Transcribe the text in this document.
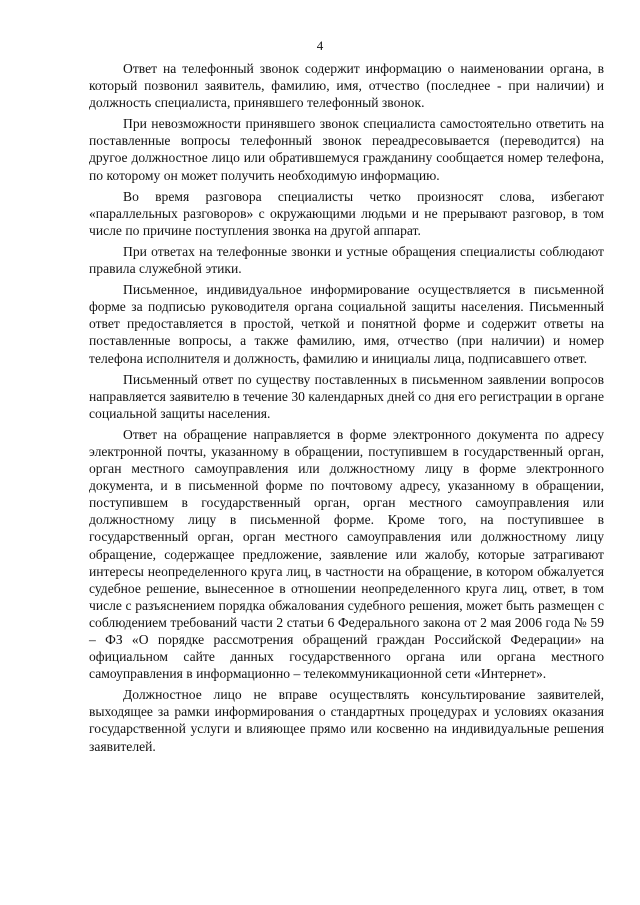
4

Ответ на телефонный звонок содержит информацию о наименовании органа, в который позвонил заявитель, фамилию, имя, отчество (последнее - при наличии) и должность специалиста, принявшего телефонный звонок.

При невозможности принявшего звонок специалиста самостоятельно ответить на поставленные вопросы телефонный звонок переадресовывается (переводится) на другое должностное лицо или обратившемуся гражданину сообщается номер телефона, по которому он может получить необходимую информацию.

Во время разговора специалисты четко произносят слова, избегают «параллельных разговоров» с окружающими людьми и не прерывают разговор, в том числе по причине поступления звонка на другой аппарат.

При ответах на телефонные звонки и устные обращения специалисты соблюдают правила служебной этики.

Письменное, индивидуальное информирование осуществляется в письменной форме за подписью руководителя органа социальной защиты населения. Письменный ответ предоставляется в простой, четкой и понятной форме и содержит ответы на поставленные вопросы, а также фамилию, имя, отчество (при наличии) и номер телефона исполнителя и должность, фамилию и инициалы лица, подписавшего ответ.

Письменный ответ по существу поставленных в письменном заявлении вопросов направляется заявителю в течение 30 календарных дней со дня его регистрации в органе социальной защиты населения.

Ответ на обращение направляется в форме электронного документа по адресу электронной почты, указанному в обращении, поступившем в государственный орган, орган местного самоуправления или должностному лицу в форме электронного документа, и в письменной форме по почтовому адресу, указанному в обращении, поступившем в государственный орган, орган местного самоуправления или должностному лицу в письменной форме. Кроме того, на поступившее в государственный орган, орган местного самоуправления или должностному лицу обращение, содержащее предложение, заявление или жалобу, которые затрагивают интересы неопределенного круга лиц, в частности на обращение, в котором обжалуется судебное решение, вынесенное в отношении неопределенного круга лиц, ответ, в том числе с разъяснением порядка обжалования судебного решения, может быть размещен с соблюдением требований части 2 статьи 6 Федерального закона от 2 мая 2006 года № 59 – ФЗ «О порядке рассмотрения обращений граждан Российской Федерации» на официальном сайте данных государственного органа или органа местного самоуправления в информационно – телекоммуникационной сети «Интернет».

Должностное лицо не вправе осуществлять консультирование заявителей, выходящее за рамки информирования о стандартных процедурах и условиях оказания государственной услуги и влияющее прямо или косвенно на индивидуальные решения заявителей.
